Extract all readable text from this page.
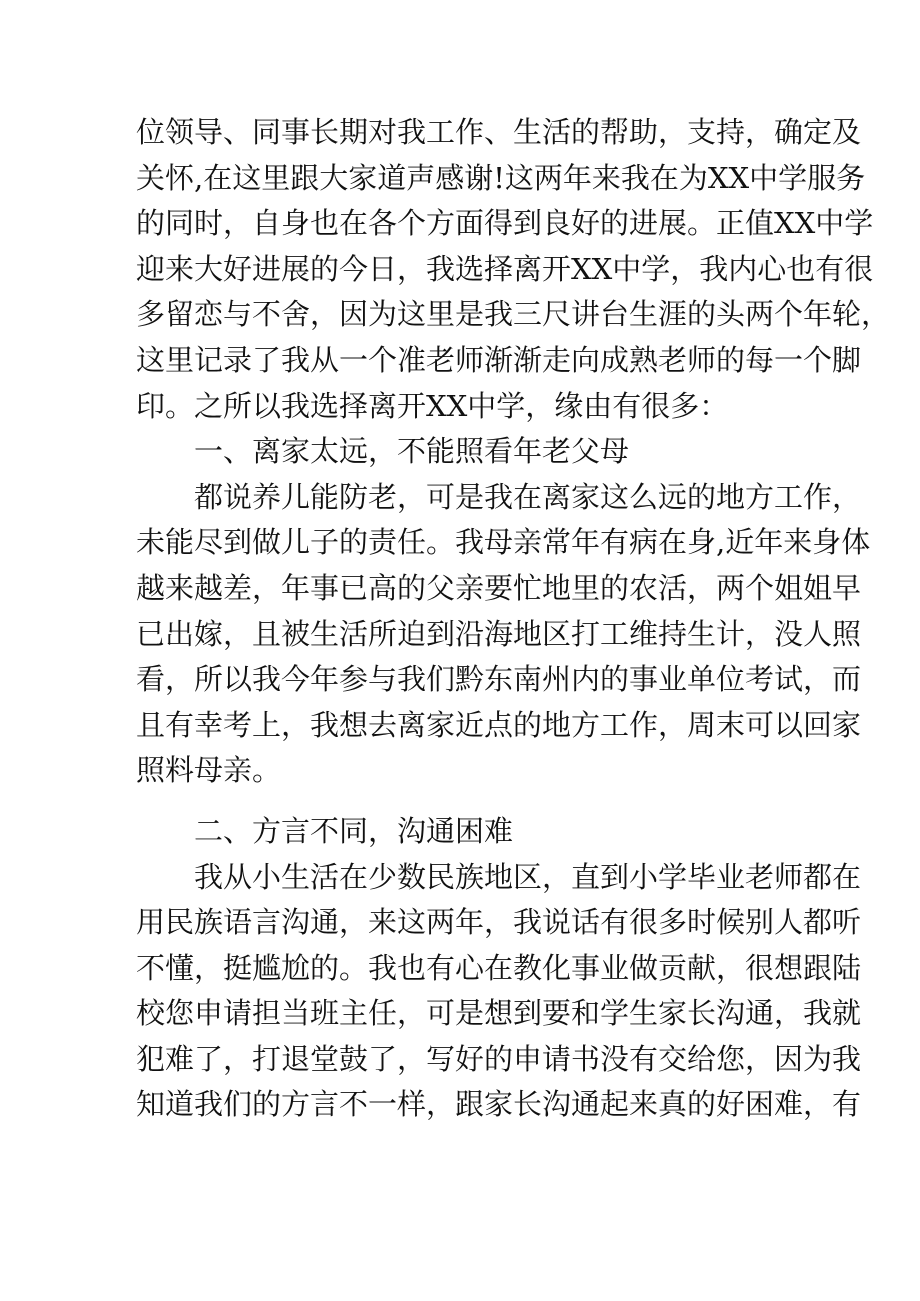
位领导、同事长期对我工作、生活的帮助，支持，确定及
关怀,在这里跟大家道声感谢!这两年来我在为XX中学服务
的同时，自身也在各个方面得到良好的进展。正值XX中学
迎来大好进展的今日，我选择离开XX中学，我内心也有很
多留恋与不舍，因为这里是我三尺讲台生涯的头两个年轮，
这里记录了我从一个准老师渐渐走向成熟老师的每一个脚
印。之所以我选择离开XX中学，缘由有很多：
一、离家太远，不能照看年老父母
都说养儿能防老，可是我在离家这么远的地方工作，
未能尽到做儿子的责任。我母亲常年有病在身,近年来身体
越来越差，年事已高的父亲要忙地里的农活，两个姐姐早
已出嫁，且被生活所迫到沿海地区打工维持生计，没人照
看，所以我今年参与我们黔东南州内的事业单位考试，而
且有幸考上，我想去离家近点的地方工作，周末可以回家
照料母亲。
二、方言不同，沟通困难
我从小生活在少数民族地区，直到小学毕业老师都在
用民族语言沟通，来这两年，我说话有很多时候别人都听
不懂，挺尴尬的。我也有心在教化事业做贡献，很想跟陆
校您申请担当班主任，可是想到要和学生家长沟通，我就
犯难了，打退堂鼓了，写好的申请书没有交给您，因为我
知道我们的方言不一样，跟家长沟通起来真的好困难，有
